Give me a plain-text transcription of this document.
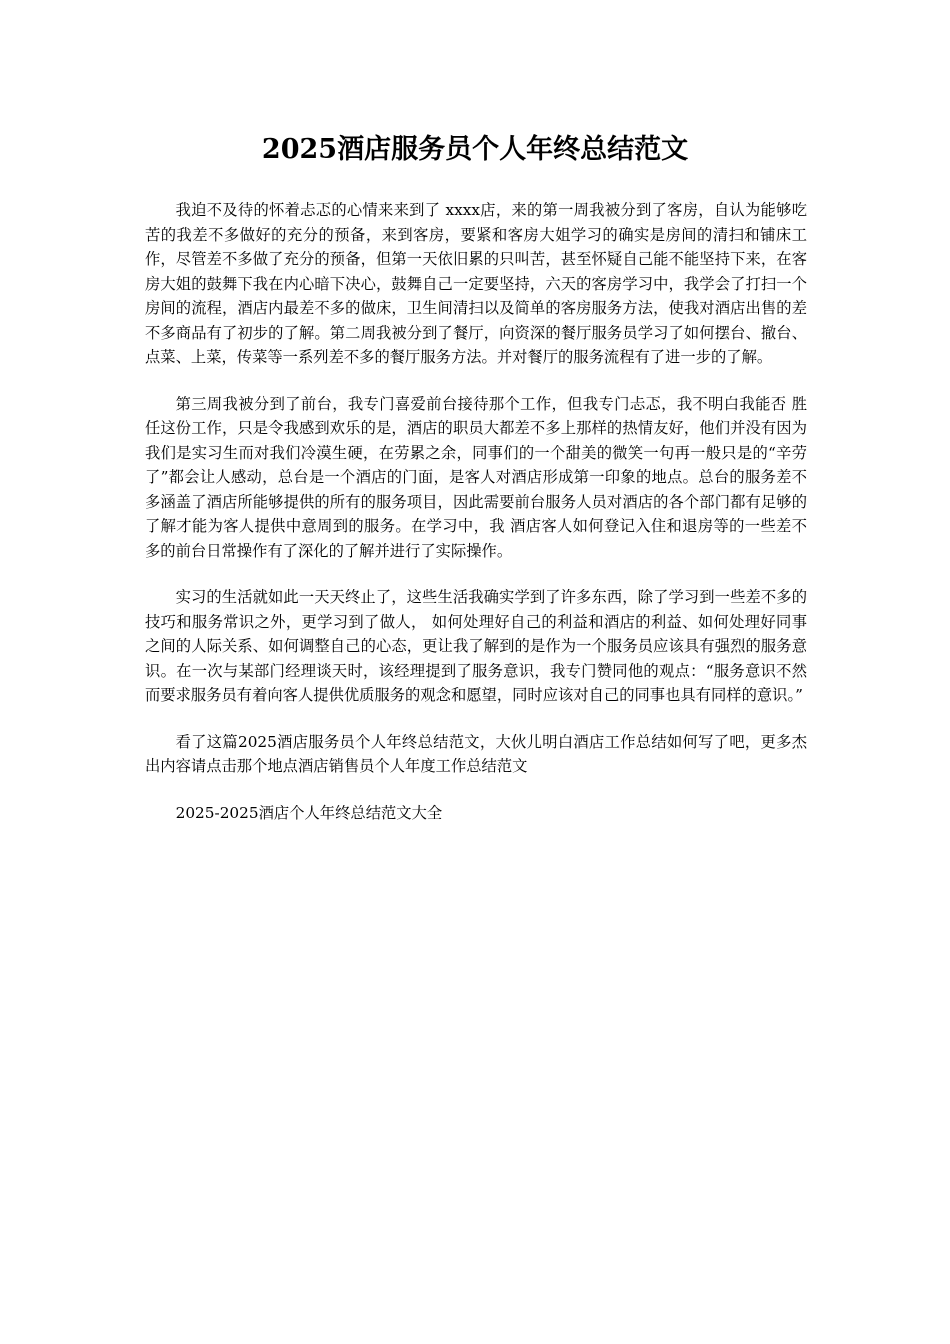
2025酒店服务员个人年终总结范文

我迫不及待的怀着忐忑的心情来来到了 xxxx店，来的第一周我被分到了客房，自认为能够吃苦的我差不多做好的充分的预备，来到客房，要紧和客房大姐学习的确实是房间的清扫和铺床工作，尽管差不多做了充分的预备，但第一天依旧累的只叫苦，甚至怀疑自己能不能坚持下来，在客房大姐的鼓舞下我在内心暗下决心，鼓舞自己一定要坚持，六天的客房学习中，我学会了打扫一个房间的流程，酒店内最差不多的做床，卫生间清扫以及简单的客房服务方法，使我对酒店出售的差不多商品有了初步的了解。第二周我被分到了餐厅，向资深的餐厅服务员学习了如何摆台、撤台、点菜、上菜，传菜等一系列差不多的餐厅服务方法。并对餐厅的服务流程有了进一步的了解。

第三周我被分到了前台，我专门喜爱前台接待那个工作，但我专门忐忑，我不明白我能否 胜任这份工作，只是令我感到欢乐的是，酒店的职员大都差不多上那样的热情友好，他们并没有因为我们是实习生而对我们冷漠生硬，在劳累之余，同事们的一个甜美的微笑一句再一般只是的“辛劳了”都会让人感动，总台是一个酒店的门面，是客人对酒店形成第一印象的地点。总台的服务差不多涵盖了酒店所能够提供的所有的服务项目，因此需要前台服务人员对酒店的各个部门都有足够的了解才能为客人提供中意周到的服务。在学习中，我 酒店客人如何登记入住和退房等的一些差不多的前台日常操作有了深化的了解并进行了实际操作。

实习的生活就如此一天天终止了，这些生活我确实学到了许多东西，除了学习到一些差不多的技巧和服务常识之外，更学习到了做人， 如何处理好自己的利益和酒店的利益、如何处理好同事之间的人际关系、如何调整自己的心态，更让我了解到的是作为一个服务员应该具有强烈的服务意识。在一次与某部门经理谈天时，该经理提到了服务意识，我专门赞同他的观点：“服务意识不然而要求服务员有着向客人提供优质服务的观念和愿望，同时应该对自己的同事也具有同样的意识。”

看了这篇2025酒店服务员个人年终总结范文，大伙儿明白酒店工作总结如何写了吧，更多杰出内容请点击那个地点酒店销售员个人年度工作总结范文

2025-2025酒店个人年终总结范文大全
